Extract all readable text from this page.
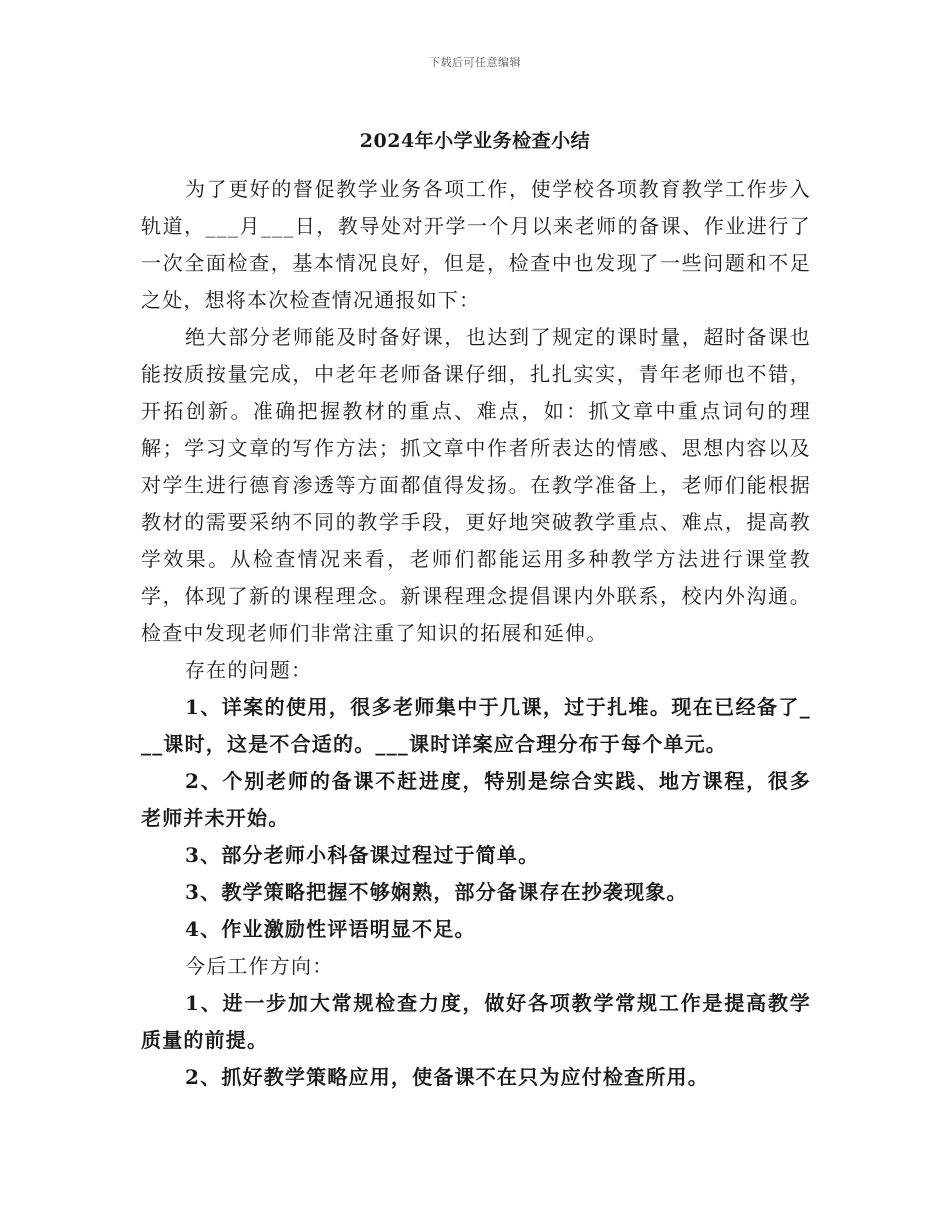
下载后可任意编辑
2024年小学业务检查小结

为了更好的督促教学业务各项工作，使学校各项教育教学工作步入轨道，___月___日，教导处对开学一个月以来老师的备课、作业进行了一次全面检查，基本情况良好，但是，检查中也发现了一些问题和不足之处，想将本次检查情况通报如下：

绝大部分老师能及时备好课，也达到了规定的课时量，超时备课也能按质按量完成，中老年老师备课仔细，扎扎实实，青年老师也不错，开拓创新。准确把握教材的重点、难点，如：抓文章中重点词句的理解；学习文章的写作方法；抓文章中作者所表达的情感、思想内容以及对学生进行德育渗透等方面都值得发扬。在教学准备上，老师们能根据教材的需要采纳不同的教学手段，更好地突破教学重点、难点，提高教学效果。从检查情况来看，老师们都能运用多种教学方法进行课堂教学，体现了新的课程理念。新课程理念提倡课内外联系，校内外沟通。检查中发现老师们非常注重了知识的拓展和延伸。

存在的问题：

1、详案的使用，很多老师集中于几课，过于扎堆。现在已经备了___课时，这是不合适的。___课时详案应合理分布于每个单元。

2、个别老师的备课不赶进度，特别是综合实践、地方课程，很多老师并未开始。

3、部分老师小科备课过程过于简单。

3、教学策略把握不够娴熟，部分备课存在抄袭现象。

4、作业激励性评语明显不足。

今后工作方向：

1、进一步加大常规检查力度，做好各项教学常规工作是提高教学质量的前提。

2、抓好教学策略应用，使备课不在只为应付检查所用。
